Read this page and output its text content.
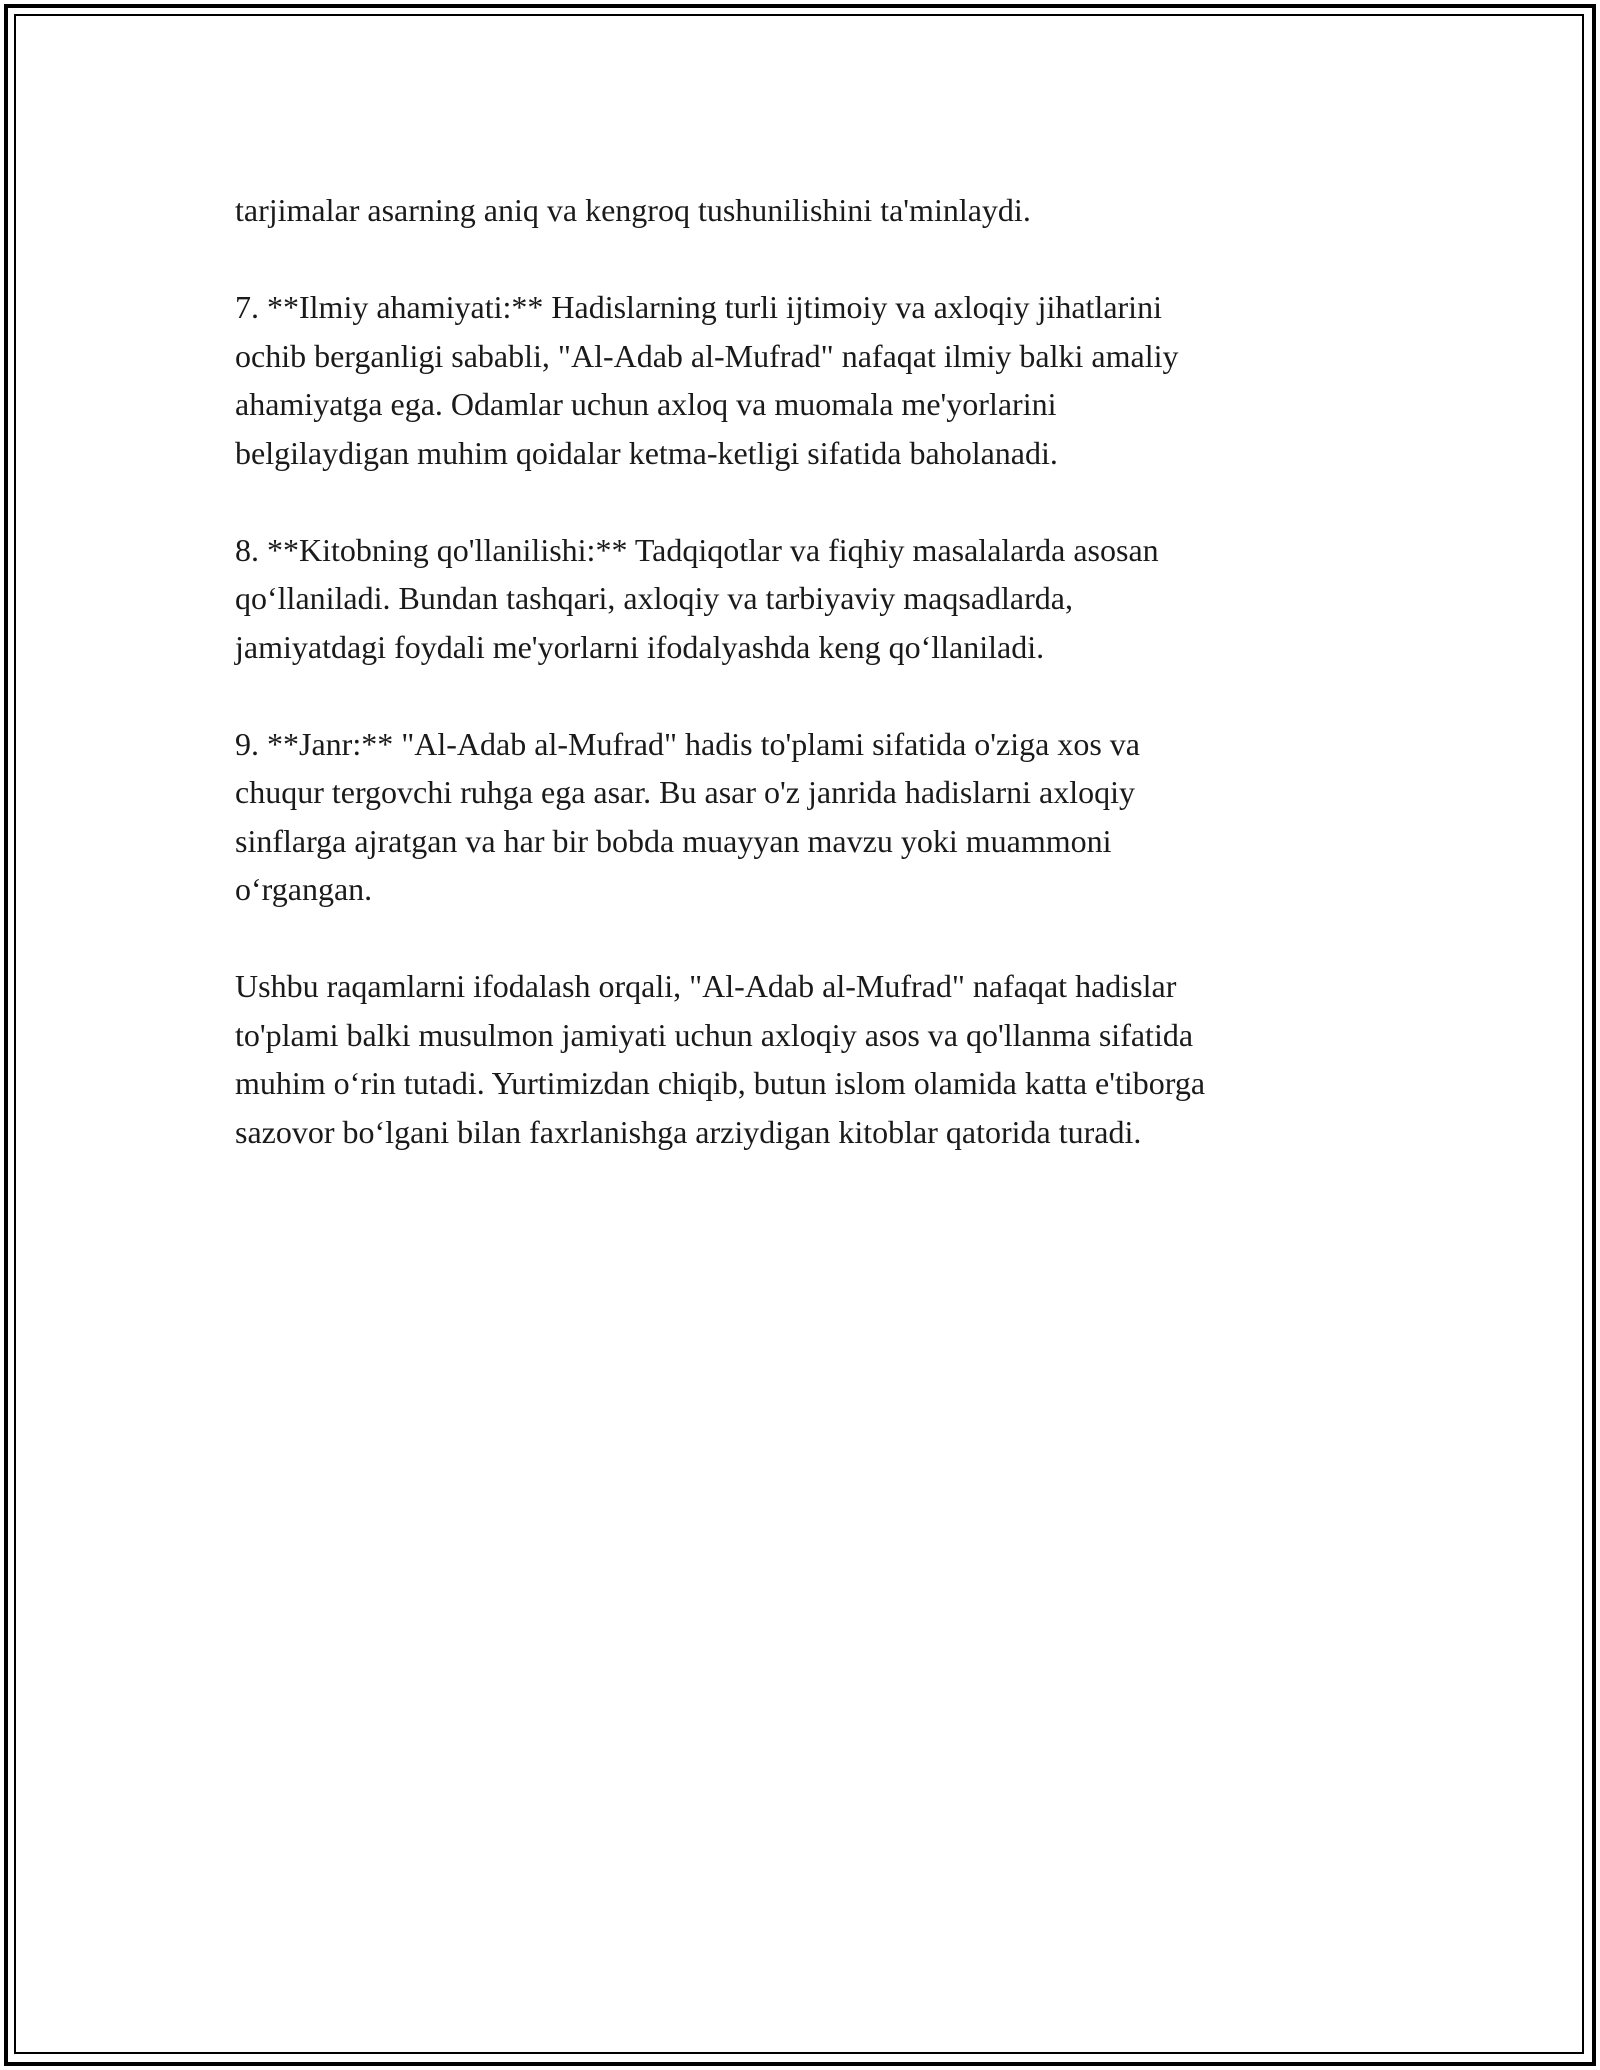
tarjimalar asarning aniq va kengroq tushunilishini ta'minlaydi.

7. **Ilmiy ahamiyati:** Hadislarning turli ijtimoiy va axloqiy jihatlarini
ochib berganligi sababli, "Al-Adab al-Mufrad" nafaqat ilmiy balki amaliy
ahamiyatga ega. Odamlar uchun axloq va muomala me'yorlarini
belgilaydigan muhim qoidalar ketma-ketligi sifatida baholanadi.

8. **Kitobning qo'llanilishi:** Tadqiqotlar va fiqhiy masalalarda asosan
qo‘llaniladi. Bundan tashqari, axloqiy va tarbiyaviy maqsadlarda,
jamiyatdagi foydali me'yorlarni ifodalyashda keng qo‘llaniladi.

9. **Janr:** "Al-Adab al-Mufrad" hadis to'plami sifatida o'ziga xos va
chuqur tergovchi ruhga ega asar. Bu asar o'z janrida hadislarni axloqiy
sinflarga ajratgan va har bir bobda muayyan mavzu yoki muammoni
o‘rgangan.

Ushbu raqamlarni ifodalash orqali, "Al-Adab al-Mufrad" nafaqat hadislar
to'plami balki musulmon jamiyati uchun axloqiy asos va qo'llanma sifatida
muhim o‘rin tutadi. Yurtimizdan chiqib, butun islom olamida katta e'tiborga
sazovor bo‘lgani bilan faxrlanishga arziydigan kitoblar qatorida turadi.
